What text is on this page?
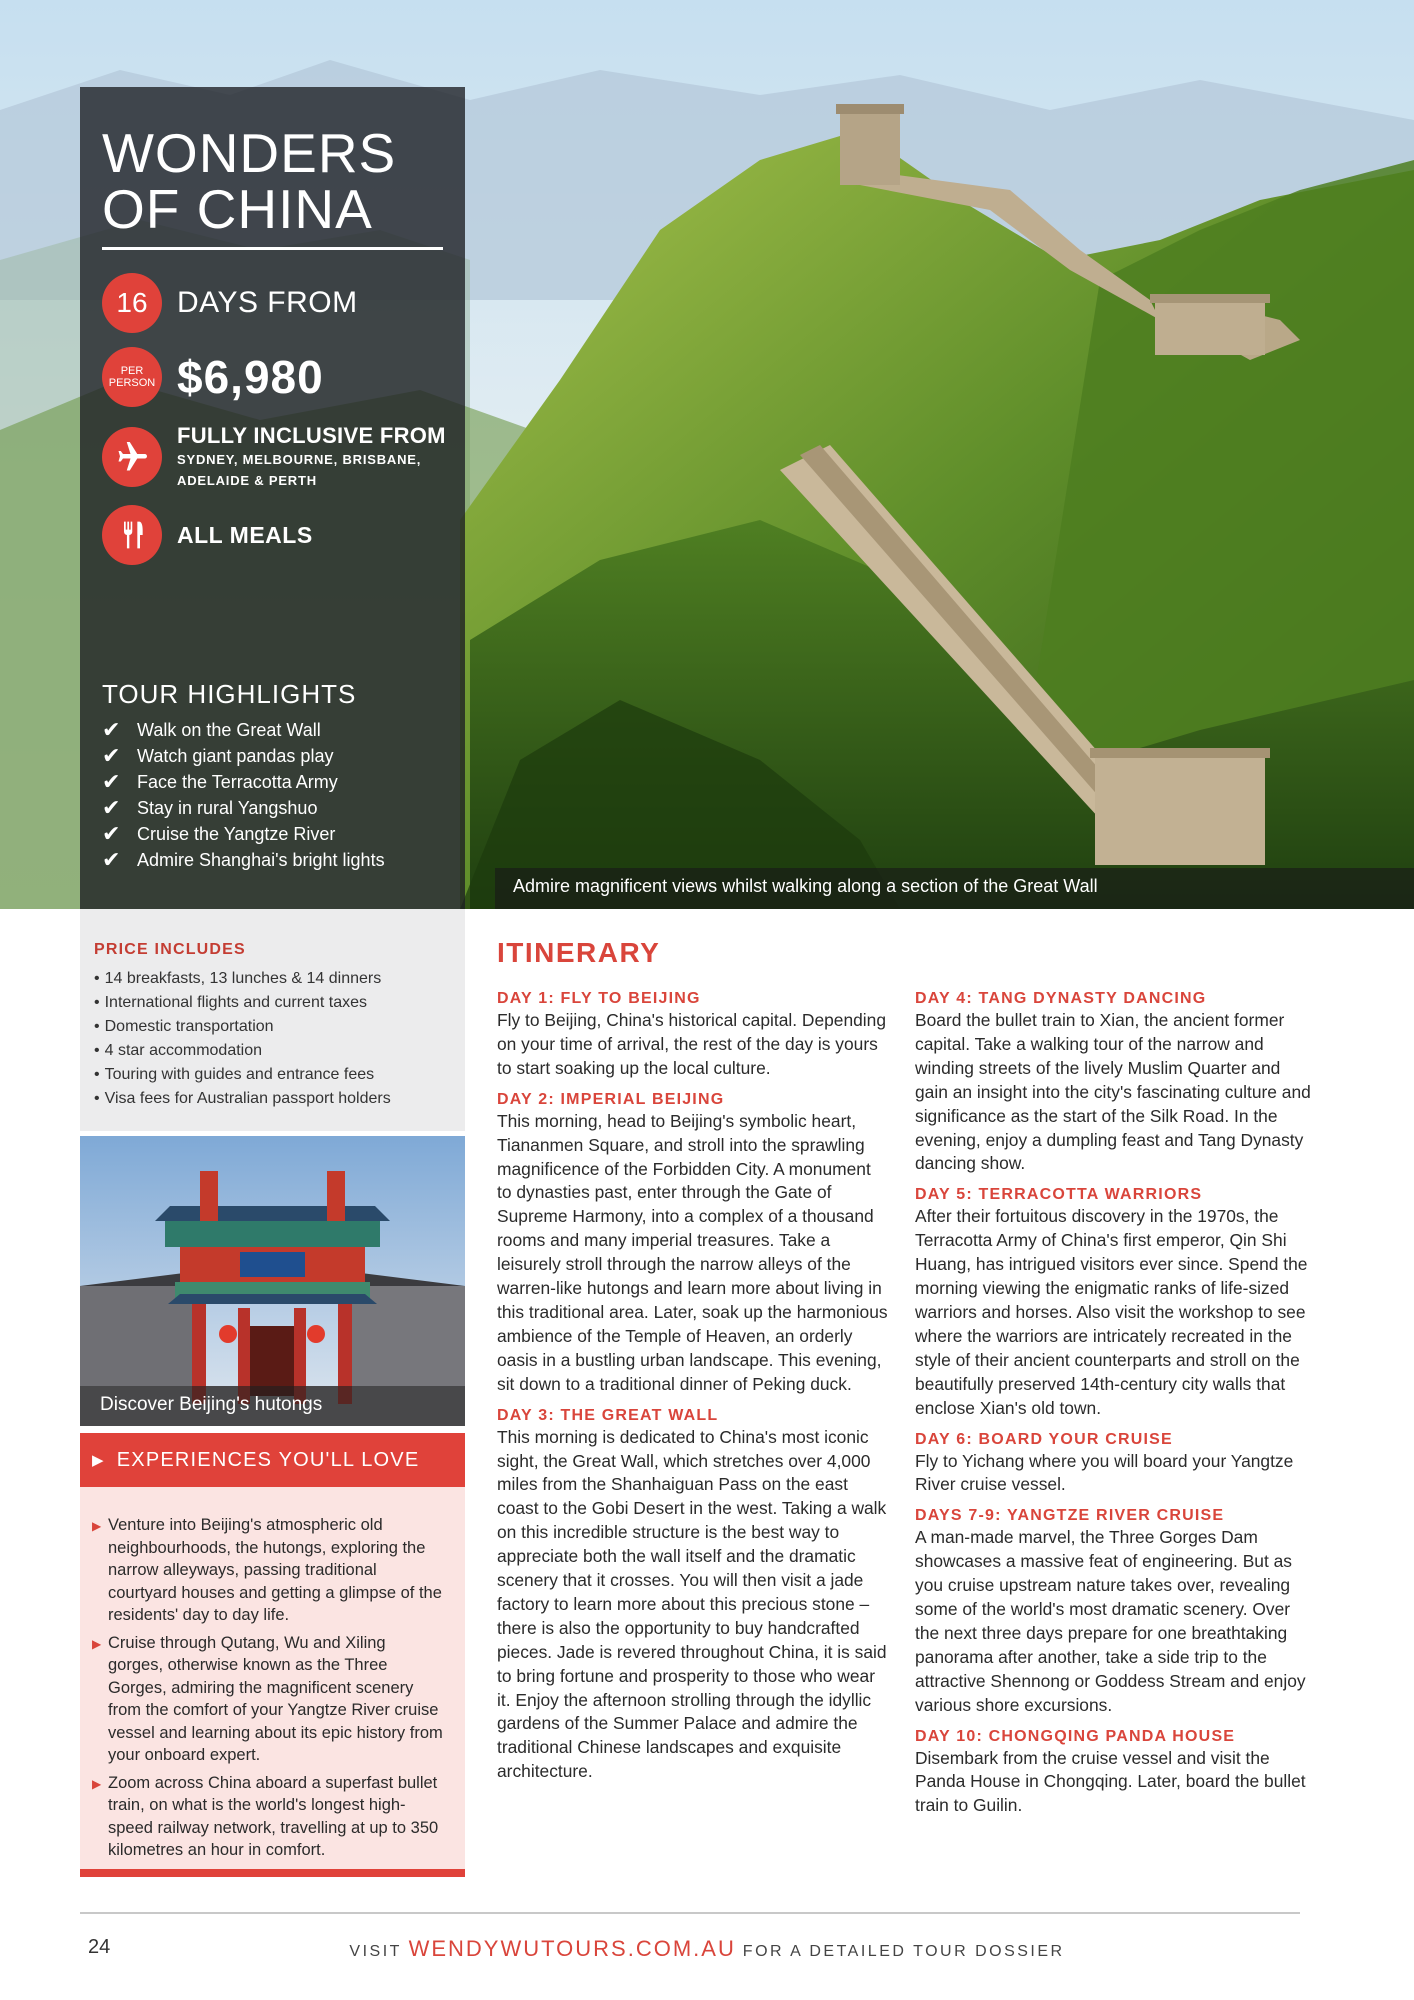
WONDERS
OF CHINA
16 DAYS FROM
PER PERSON $6,980
FULLY INCLUSIVE FROM
SYDNEY, MELBOURNE, BRISBANE,
ADELAIDE & PERTH
ALL MEALS
TOUR HIGHLIGHTS
✔ Walk on the Great Wall
✔ Watch giant pandas play
✔ Face the Terracotta Army
✔ Stay in rural Yangshuo
✔ Cruise the Yangtze River
✔ Admire Shanghai's bright lights
Admire magnificent views whilst walking along a section of the Great Wall
PRICE INCLUDES
• 14 breakfasts, 13 lunches & 14 dinners
• International flights and current taxes
• Domestic transportation
• 4 star accommodation
• Touring with guides and entrance fees
• Visa fees for Australian passport holders
Discover Beijing's hutongs
▶ EXPERIENCES YOU'LL LOVE
▶ Venture into Beijing's atmospheric old neighbourhoods, the hutongs, exploring the narrow alleyways, passing traditional courtyard houses and getting a glimpse of the residents' day to day life.
▶ Cruise through Qutang, Wu and Xiling gorges, otherwise known as the Three Gorges, admiring the magnificent scenery from the comfort of your Yangtze River cruise vessel and learning about its epic history from your onboard expert.
▶ Zoom across China aboard a superfast bullet train, on what is the world's longest high-speed railway network, travelling at up to 350 kilometres an hour in comfort.
ITINERARY
DAY 1: FLY TO BEIJING

Fly to Beijing, China's historical capital. Depending on your time of arrival, the rest of the day is yours to start soaking up the local culture.

DAY 2: IMPERIAL BEIJING

This morning, head to Beijing's symbolic heart, Tiananmen Square, and stroll into the sprawling magnificence of the Forbidden City. A monument to dynasties past, enter through the Gate of Supreme Harmony, into a complex of a thousand rooms and many imperial treasures. Take a leisurely stroll through the narrow alleys of the warren-like hutongs and learn more about living in this traditional area. Later, soak up the harmonious ambience of the Temple of Heaven, an orderly oasis in a bustling urban landscape. This evening, sit down to a traditional dinner of Peking duck.

DAY 3: THE GREAT WALL

This morning is dedicated to China's most iconic sight, the Great Wall, which stretches over 4,000 miles from the Shanhaiguan Pass on the east coast to the Gobi Desert in the west. Taking a walk on this incredible structure is the best way to appreciate both the wall itself and the dramatic scenery that it crosses. You will then visit a jade factory to learn more about this precious stone – there is also the opportunity to buy handcrafted pieces. Jade is revered throughout China, it is said to bring fortune and prosperity to those who wear it. Enjoy the afternoon strolling through the idyllic gardens of the Summer Palace and admire the traditional Chinese landscapes and exquisite architecture.

DAY 4: TANG DYNASTY DANCING

Board the bullet train to Xian, the ancient former capital. Take a walking tour of the narrow and winding streets of the lively Muslim Quarter and gain an insight into the city's fascinating culture and significance as the start of the Silk Road. In the evening, enjoy a dumpling feast and Tang Dynasty dancing show.

DAY 5: TERRACOTTA WARRIORS

After their fortuitous discovery in the 1970s, the Terracotta Army of China's first emperor, Qin Shi Huang, has intrigued visitors ever since. Spend the morning viewing the enigmatic ranks of life-sized warriors and horses. Also visit the workshop to see where the warriors are intricately recreated in the style of their ancient counterparts and stroll on the beautifully preserved 14th-century city walls that enclose Xian's old town.

DAY 6: BOARD YOUR CRUISE

Fly to Yichang where you will board your Yangtze River cruise vessel.

DAYS 7-9: YANGTZE RIVER CRUISE

A man-made marvel, the Three Gorges Dam showcases a massive feat of engineering. But as you cruise upstream nature takes over, revealing some of the world's most dramatic scenery. Over the next three days prepare for one breathtaking panorama after another, take a side trip to the attractive Shennong or Goddess Stream and enjoy various shore excursions.

DAY 10: CHONGQING PANDA HOUSE

Disembark from the cruise vessel and visit the Panda House in Chongqing. Later, board the bullet train to Guilin.

24	VISIT WENDYWUTOURS.COM.AU FOR A DETAILED TOUR DOSSIER
